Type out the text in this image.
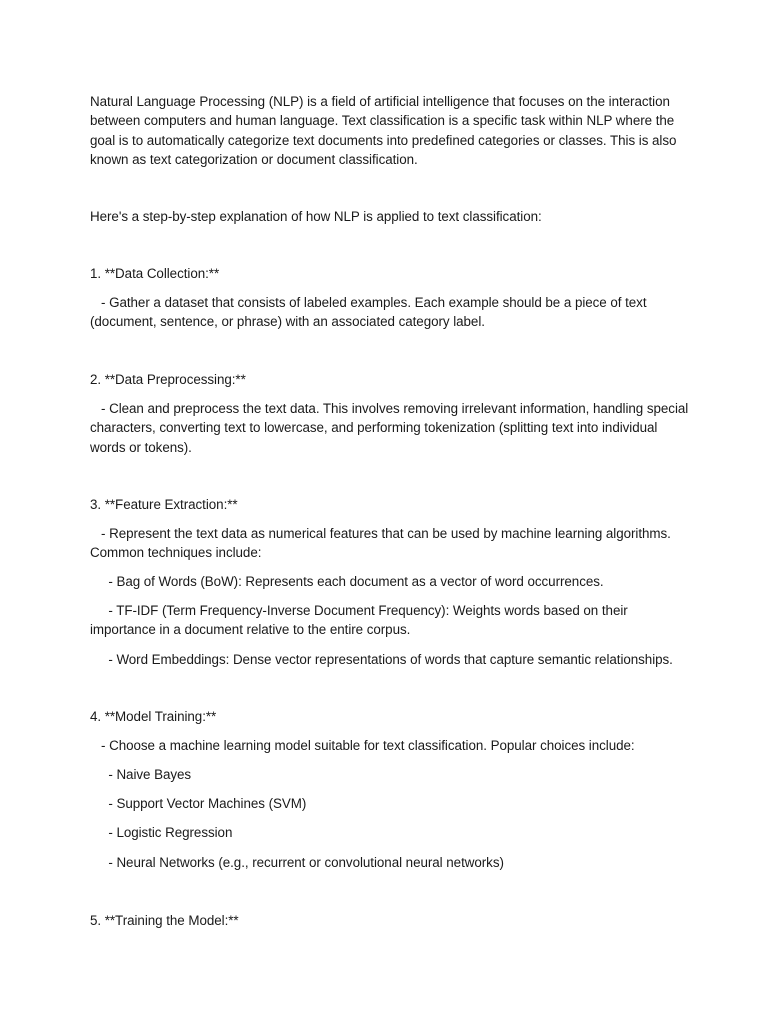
Natural Language Processing (NLP) is a field of artificial intelligence that focuses on the interaction between computers and human language. Text classification is a specific task within NLP where the goal is to automatically categorize text documents into predefined categories or classes. This is also known as text categorization or document classification.
Here's a step-by-step explanation of how NLP is applied to text classification:
1. **Data Collection:**
- Gather a dataset that consists of labeled examples. Each example should be a piece of text (document, sentence, or phrase) with an associated category label.
2. **Data Preprocessing:**
- Clean and preprocess the text data. This involves removing irrelevant information, handling special characters, converting text to lowercase, and performing tokenization (splitting text into individual words or tokens).
3. **Feature Extraction:**
- Represent the text data as numerical features that can be used by machine learning algorithms. Common techniques include:
- Bag of Words (BoW): Represents each document as a vector of word occurrences.
- TF-IDF (Term Frequency-Inverse Document Frequency): Weights words based on their importance in a document relative to the entire corpus.
- Word Embeddings: Dense vector representations of words that capture semantic relationships.
4. **Model Training:**
- Choose a machine learning model suitable for text classification. Popular choices include:
- Naive Bayes
- Support Vector Machines (SVM)
- Logistic Regression
- Neural Networks (e.g., recurrent or convolutional neural networks)
5. **Training the Model:**
